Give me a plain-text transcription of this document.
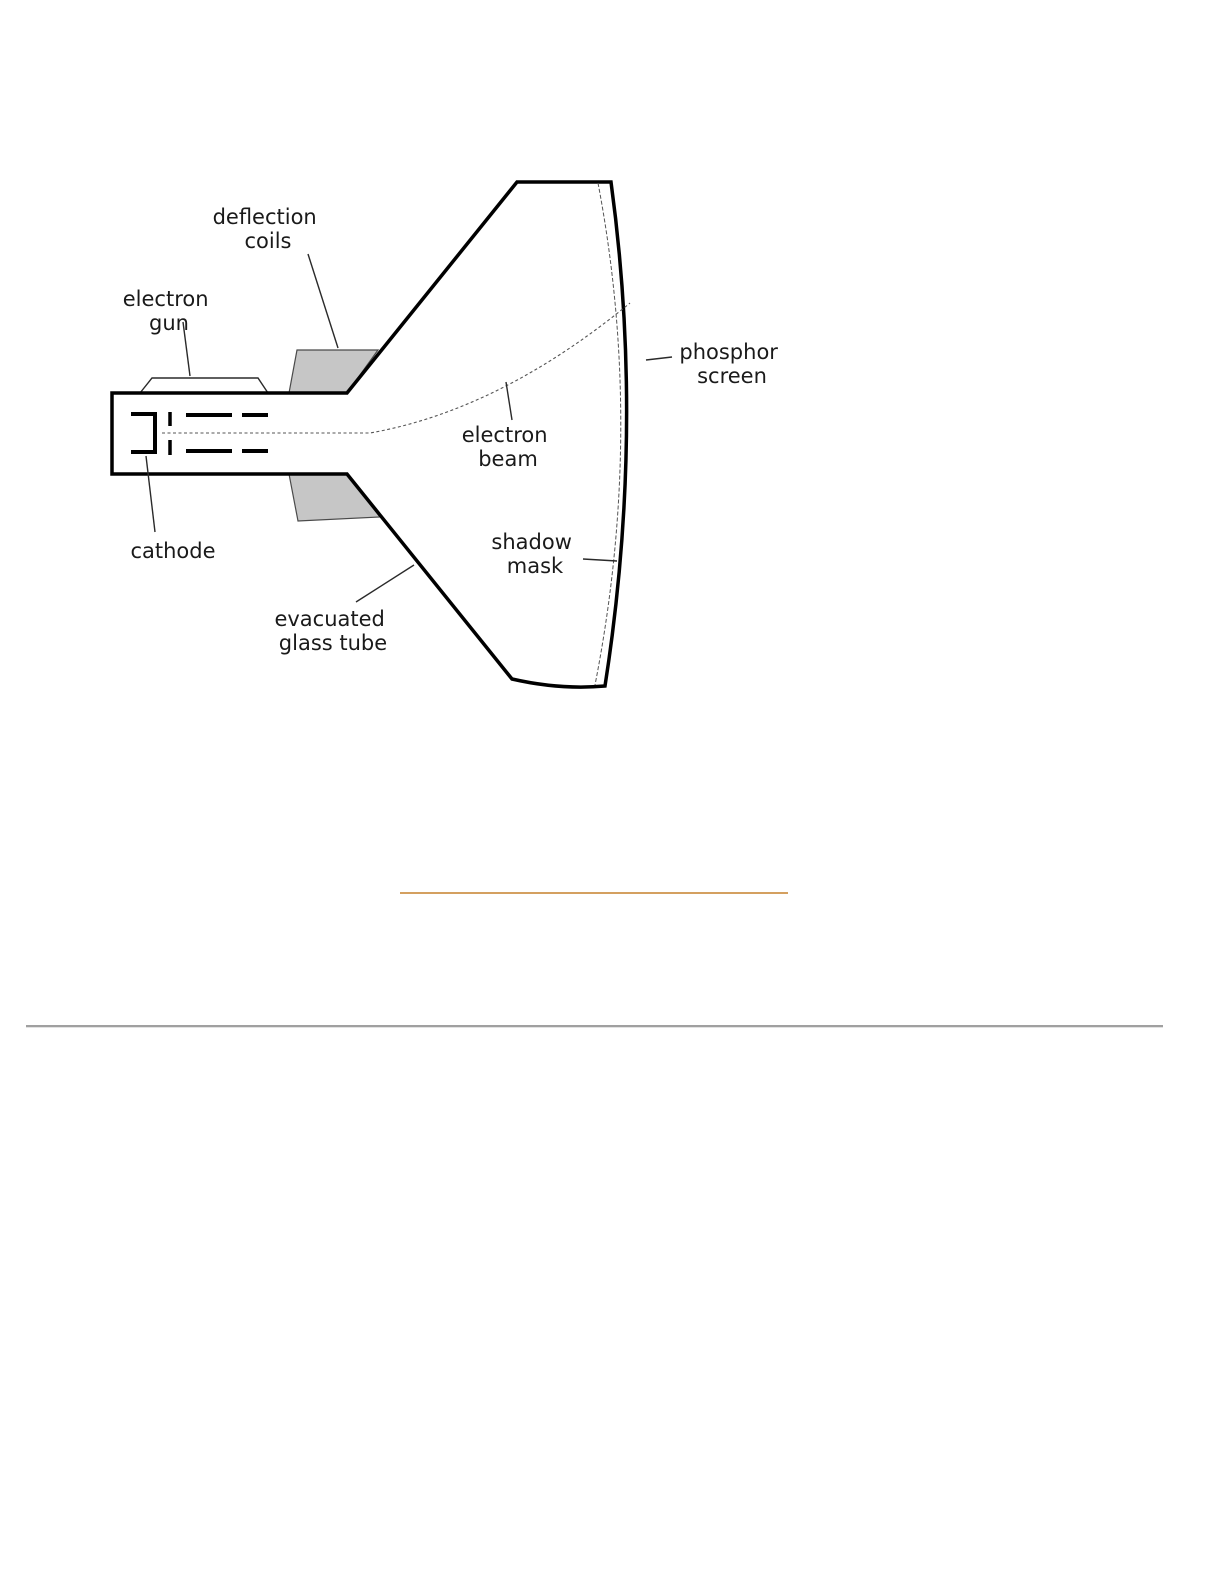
deflection coils
electron gun
phosphor screen
electron beam
cathode	shadow mask
evacuated glass tube
